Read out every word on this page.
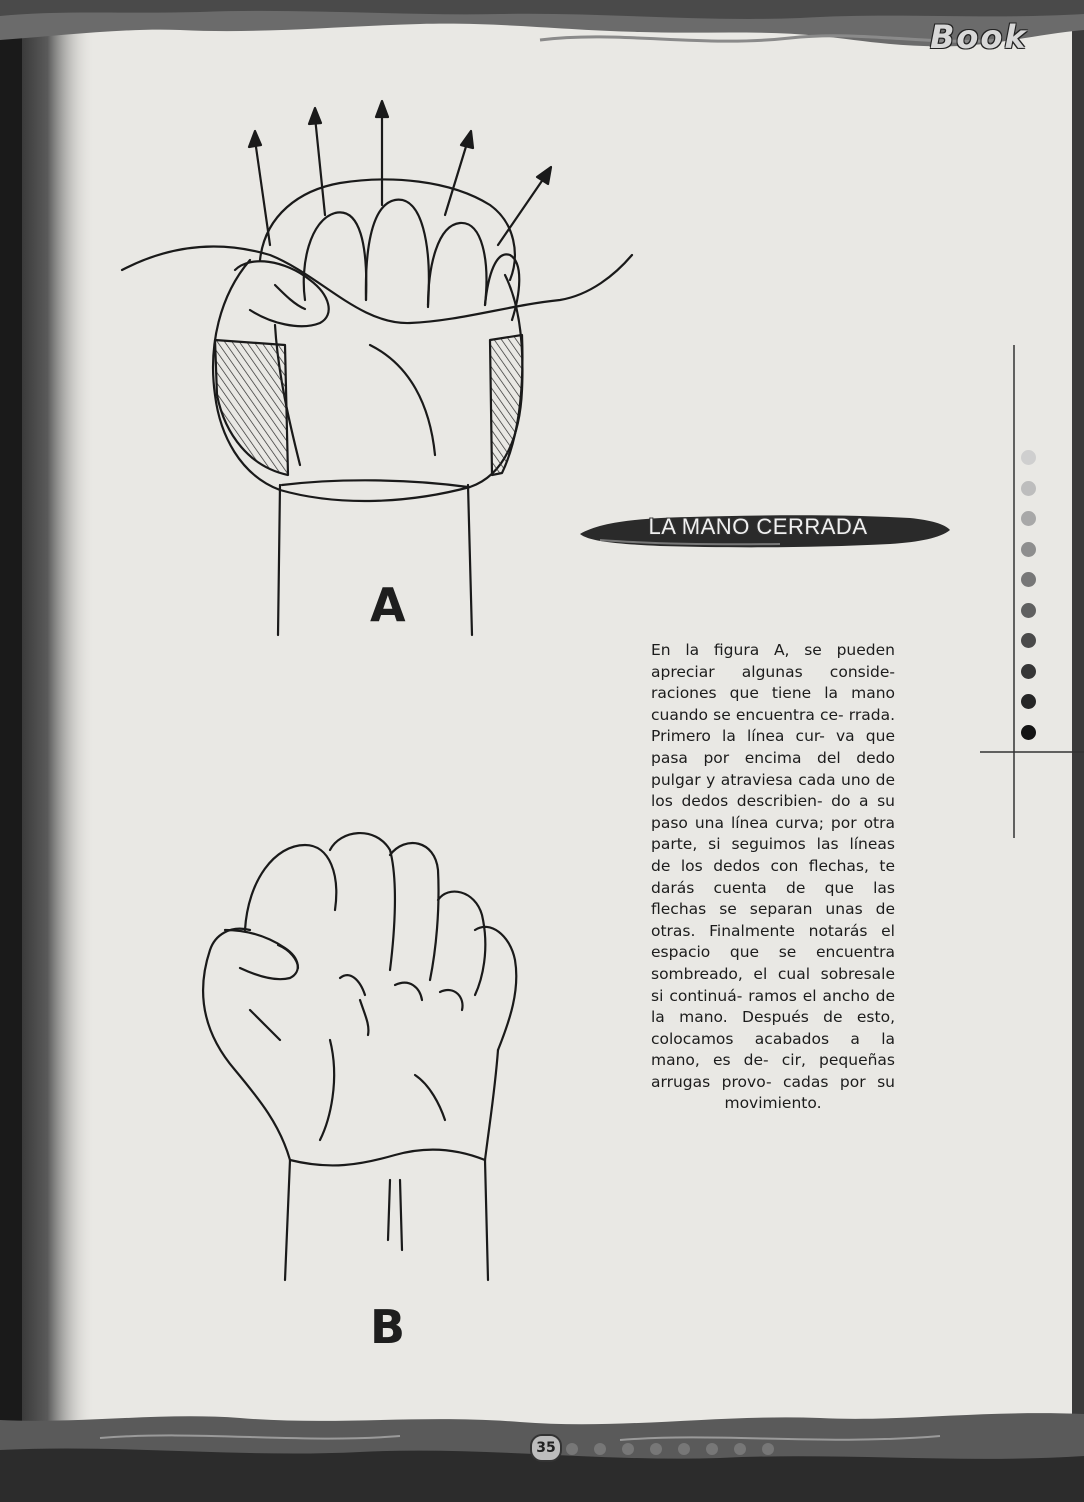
Book
A
B
LA MANO CERRADA
En la figura A, se pueden apreciar algunas conside- raciones que tiene la mano cuando se encuentra ce- rrada. Primero la línea cur- va que pasa por encima del dedo pulgar y atraviesa cada uno de los dedos describien- do a su paso una línea curva; por otra parte, si seguimos las líneas de los dedos con flechas, te darás cuenta de que las flechas se separan unas de otras. Finalmente notarás el espacio que se encuentra sombreado, el cual sobresale si continuá- ramos el ancho de la mano. Después de esto, colocamos acabados a la mano, es de- cir, pequeñas arrugas provo- cadas por su movimiento.
35
